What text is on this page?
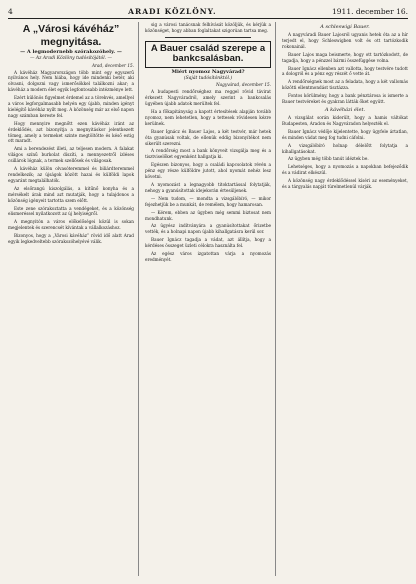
4	ARADI KÖZLÖNY.	1911. december 16.
A „Városi kávéház”
megnyitása.
— A legmodernebb szórakozóhely. —
— Az Aradi Közlöny tudósítójától. —
Arad, december 15.

A kávéház Magyarországon több mint egy egyszerű nyilvános hely. Nem hiába, hogy ide mindenki betér, aki olvasni, dolgozni vagy ismerősökkel találkozni akar; a kávéház a modern élet egyik legfontosabb intézménye lett.

Ezért különös figyelmet érdemel az a törekvés, amellyel a város legforgalmasabb helyén egy újabb, minden igényt kielégítő kávéház nyílt meg. A közönség már az első napon nagy számban kereste fel.

Hogy mennyire megnőtt ezen kávéház iránt az érdeklődés, azt bizonyítja a megnyitáskor jelentkezett tömeg, amely a termeket szinte megtöltötte és késő estig ott maradt.

Ami a berendezést illeti, az teljesen modern. A falakat világos színű burkolat díszíti, a mennyezetről ízléses csillárok lógnak, a termek szellősek és világosak.

A kávéház külön olvasóteremmel és biliárdteremmel rendelkezik; az újságok között hazai és külföldi lapok egyaránt megtalálhatók.

Az elsőrangú kiszolgálás, a kitűnő konyha és a mérsékelt árak mind azt mutatják, hogy a tulajdonos a közönség igényeit tartotta szem előtt.

Este zene szórakoztatta a vendégeket, és a közönség elismeréssel nyilatkozott az új helyiségről.

A megnyitón a város előkelőségei közül is sokan megjelentek és szerencsét kívántak a vállalkozáshoz.

Bizonyos, hogy a „Városi kávéház” rövid idő alatt Arad egyik legkedveltebb szórakozóhelyévé válik.

sig a városi tanácsnak felhívását közöljük, és kérjük a közönséget, hogy abban foglaltakat szigorúan tartsa meg.

A Bauer család szerepe a bankcsalásban.
Miért nyomoz Nagyvárad?
(Saját tudósítónktól.)
Nagyvárad, december 15.

A budapesti rendőrséghez ma reggel rövid távirat érkezett Nagyváradról, amely szerint a bankcsalás ügyében újabb adatok merültek fel.

Ha a főkapitányság a kapott értesítések alapján tovább nyomoz, nem lehetetlen, hogy a tettesek rövidesen kézre kerülnek.

Bauer Ignácz és Bauer Lajos, a két testvér, már hetek óta gyanúsak voltak, de ellenük eddig bizonyítékot nem sikerült szerezni.

A rendőrség most a bank könyveit vizsgálja meg és a tisztviselőket egyenként hallgatja ki.

Egészen bizonyos, hogy a családi kapcsolatok révén a pénz egy része külföldre jutott, ahol nyomát nehéz lesz követni.

A nyomozást a legnagyobb titoktartással folytatják, nehogy a gyanúsítottak idejekorán értesüljenek.

— Nem tudom, — mondta a vizsgálóbíró, — mikor fejezhetjük be a munkát, de remélem, hogy hamarosan.

— Kérem, ebben az ügyben még semmi biztosat nem mondhatunk.

Az ügyész indítványára a gyanúsítottakat őrizetbe vették, és a holnapi napon újabb kihallgatásra kerül sor.

Bauer Ignácz tagadja a vádat, azt állítja, hogy a kérdéses összeget üzleti célokra használta fel.

Az egész város izgatottan várja a nyomozás eredményét.

A schleswigi Bauer.

A nagyváradi Bauer Lajosról ugyanis hetek óta az a hír terjedt el, hogy Schleswigben volt és ott tartózkodik rokonainál.

Bauer Lajos maga beismerte, hogy ott tartózkodott, de tagadja, hogy a pénzzel bármi összefüggése volna.

Bauer Ignácz ellenben azt vallotta, hogy testvére tudott a dologról és a pénz egy részét ő vette át.

A rendőrségnek most az a feladata, hogy a két vallomás közötti ellentmondást tisztázza.

Fontos körülmény, hogy a bank pénztárosa is ismerte a Bauer testvéreket és gyakran látták őket együtt.

A kávéházi élet.

A vizsgálat során kiderült, hogy a hamis váltókat Budapesten, Aradon és Nagyváradon helyezték el.

Bauer Ignácz védője kijelentette, hogy ügyfele ártatlan, és minden vádat meg fog tudni cáfolni.

A vizsgálóbíró holnap délelőtt folytatja a kihallgatásokat.

Az ügyben még több tanút idéztek be.

Lehetséges, hogy a nyomozás a napokban befejeződik és a vádirat elkészül.

A közönség nagy érdeklődéssel kíséri az eseményeket, és a tárgyalás napját türelmetlenül várják.
